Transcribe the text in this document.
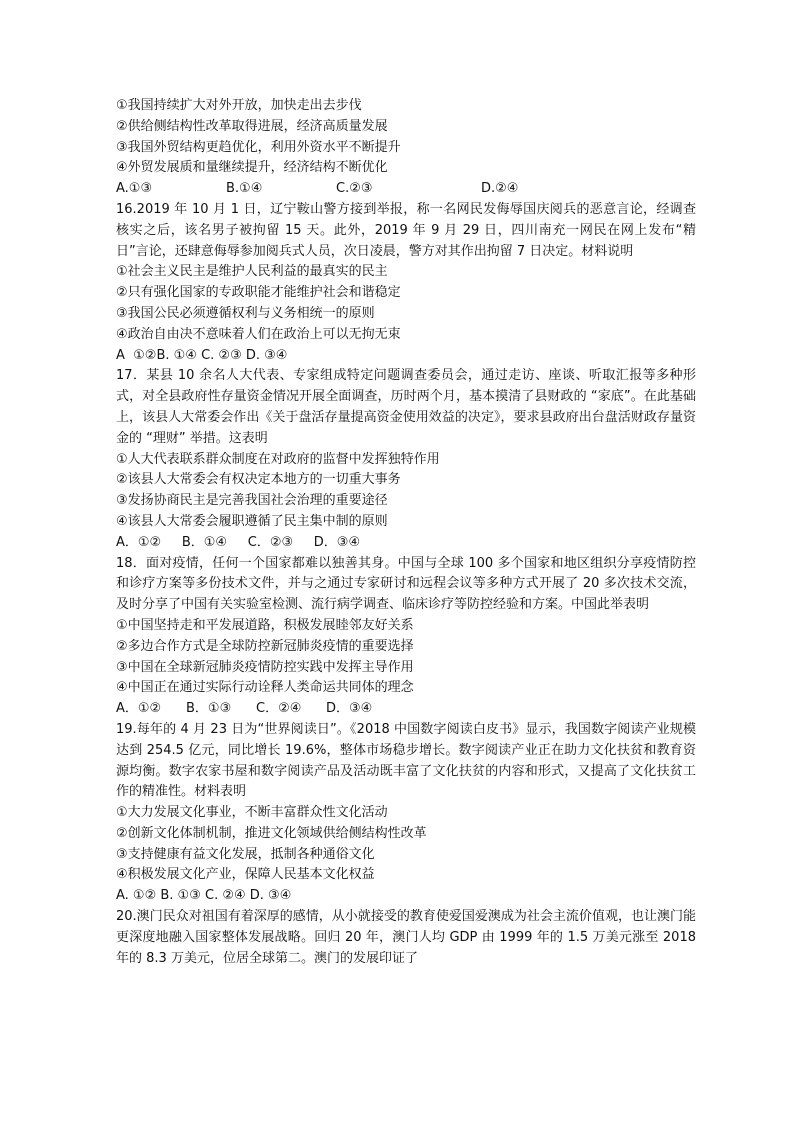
①我国持续扩大对外开放，加快走出去步伐
②供给侧结构性改革取得进展，经济高质量发展
③我国外贸结构更趋优化，利用外资水平不断提升
④外贸发展质和量继续提升，经济结构不断优化
A.①③	B.①④	C.②③	D.②④
16.2019 年 10 月 1 日，辽宁鞍山警方接到举报，称一名网民发侮辱国庆阅兵的恶意言论，经调查核实之后，该名男子被拘留 15 天。此外，2019 年 9 月 29 日，四川南充一网民在网上发布“精日”言论，还肆意侮辱参加阅兵式人员，次日凌晨，警方对其作出拘留 7 日决定。材料说明
①社会主义民主是维护人民利益的最真实的民主
②只有强化国家的专政职能才能维护社会和谐稳定
③我国公民必须遵循权利与义务相统一的原则
④政治自由决不意味着人们在政治上可以无拘无束
A  ①②B. ①④ C. ②③ D. ③④
17．某县 10 余名人大代表、专家组成特定问题调查委员会，通过走访、座谈、听取汇报等多种形式，对全县政府性存量资金情况开展全面调查，历时两个月，基本摸清了县财政的 “家底”。在此基础上，该县人大常委会作出《关于盘活存量提高资金使用效益的决定》，要求县政府出台盘活财政存量资金的 “理财” 举措。这表明
①人大代表联系群众制度在对政府的监督中发挥独特作用
②该县人大常委会有权决定本地方的一切重大事务
③发扬协商民主是完善我国社会治理的重要途径
④该县人大常委会履职遵循了民主集中制的原则
A．①②     B．①④     C．②③     D．③④
18．面对疫情，任何一个国家都难以独善其身。中国与全球 100 多个国家和地区组织分享疫情防控和诊疗方案等多份技术文件，并与之通过专家研讨和远程会议等多种方式开展了 20 多次技术交流，及时分享了中国有关实验室检测、流行病学调查、临床诊疗等防控经验和方案。中国此举表明
①中国坚持走和平发展道路，积极发展睦邻友好关系
②多边合作方式是全球防控新冠肺炎疫情的重要选择
③中国在全球新冠肺炎疫情防控实践中发挥主导作用
④中国正在通过实际行动诠释人类命运共同体的理念
A．①②	B．①③	C．②④	D．③④
19.每年的 4 月 23 日为“世界阅读日”。《2018 中国数字阅读白皮书》显示，我国数字阅读产业规模达到 254.5 亿元，同比增长 19.6%，整体市场稳步增长。数字阅读产业正在助力文化扶贫和教育资源均衡。数字农家书屋和数字阅读产品及活动既丰富了文化扶贫的内容和形式，又提高了文化扶贫工作的精准性。材料表明
①大力发展文化事业，不断丰富群众性文化活动
②创新文化体制机制，推进文化领域供给侧结构性改革
③支持健康有益文化发展，抵制各种通俗文化
④积极发展文化产业，保障人民基本文化权益
A. ①② B. ①③ C. ②④ D. ③④
20.澳门民众对祖国有着深厚的感情，从小就接受的教育使爱国爱澳成为社会主流价值观，也让澳门能更深度地融入国家整体发展战略。回归 20 年，澳门人均 GDP 由 1999 年的 1.5 万美元涨至 2018 年的 8.3 万美元，位居全球第二。澳门的发展印证了
